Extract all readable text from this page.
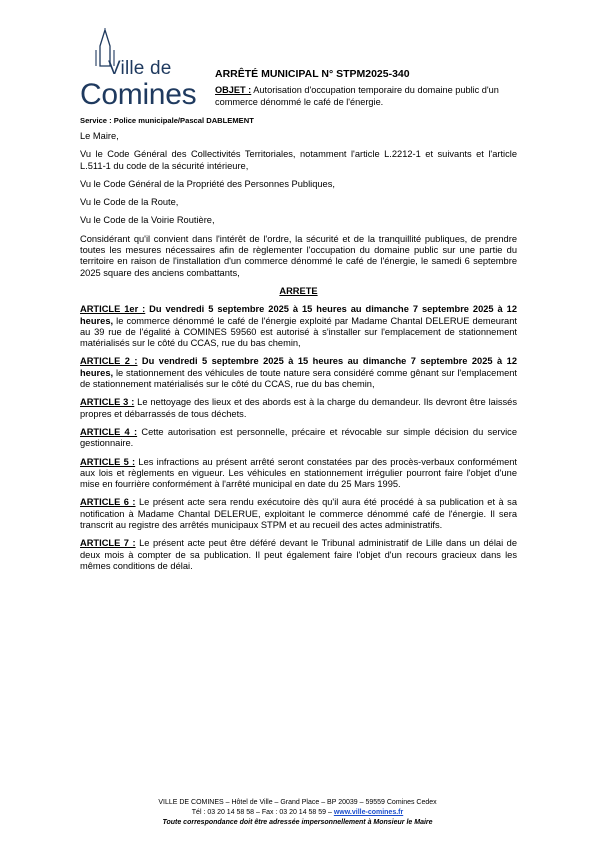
Ville de
Comines
ARRÊTÉ MUNICIPAL N° STPM2025-340
OBJET : Autorisation d'occupation temporaire du domaine public d'un commerce dénommé le café de l'énergie.
Service : Police municipale/Pascal DABLEMENT

Le Maire,

Vu le Code Général des Collectivités Territoriales, notamment l'article L.2212-1 et suivants et l'article L.511-1 du code de la sécurité intérieure,

Vu le Code Général de la Propriété des Personnes Publiques,

Vu le Code de la Route,

Vu le Code de la Voirie Routière,

Considérant qu'il convient dans l'intérêt de l'ordre, la sécurité et de la tranquillité publiques, de prendre toutes les mesures nécessaires afin de règlementer l'occupation du domaine public sur une partie du territoire en raison de l'installation d'un commerce dénommé le café de l'énergie, le samedi 6 septembre 2025 square des anciens combattants,

ARRETE

ARTICLE 1er : Du vendredi 5 septembre 2025 à 15 heures au dimanche 7 septembre 2025 à 12 heures, le commerce dénommé le café de l'énergie exploité par Madame Chantal DELERUE demeurant au 39 rue de l'égalité à COMINES 59560 est autorisé à s'installer sur l'emplacement de stationnement matérialisés sur le côté du CCAS, rue du bas chemin,

ARTICLE 2 : Du vendredi 5 septembre 2025 à 15 heures au dimanche 7 septembre 2025 à 12 heures, le stationnement des véhicules de toute nature sera considéré comme gênant sur l'emplacement de stationnement matérialisés sur le côté du CCAS, rue du bas chemin,

ARTICLE 3 : Le nettoyage des lieux et des abords est à la charge du demandeur. Ils devront être laissés propres et débarrassés de tous déchets.

ARTICLE 4 : Cette autorisation est personnelle, précaire et révocable sur simple décision du service gestionnaire.

ARTICLE 5 : Les infractions au présent arrêté seront constatées par des procès-verbaux conformément aux lois et règlements en vigueur. Les véhicules en stationnement irrégulier pourront faire l'objet d'une mise en fourrière conformément à l'arrêté municipal en date du 25 Mars 1995.

ARTICLE 6 : Le présent acte sera rendu exécutoire dès qu'il aura été procédé à sa publication et à sa notification à Madame Chantal DELERUE, exploitant le commerce dénommé café de l'énergie. Il sera transcrit au registre des arrêtés municipaux STPM et au recueil des actes administratifs.

ARTICLE 7 : Le présent acte peut être déféré devant le Tribunal administratif de Lille dans un délai de deux mois à compter de sa publication. Il peut également faire l'objet d'un recours gracieux dans les mêmes conditions de délai.

VILLE DE COMINES – Hôtel de Ville – Grand Place – BP 20039 – 59559 Comines Cedex
Tél : 03 20 14 58 58 – Fax : 03 20 14 58 59 – www.ville-comines.fr
Toute correspondance doit être adressée impersonnellement à Monsieur le Maire
